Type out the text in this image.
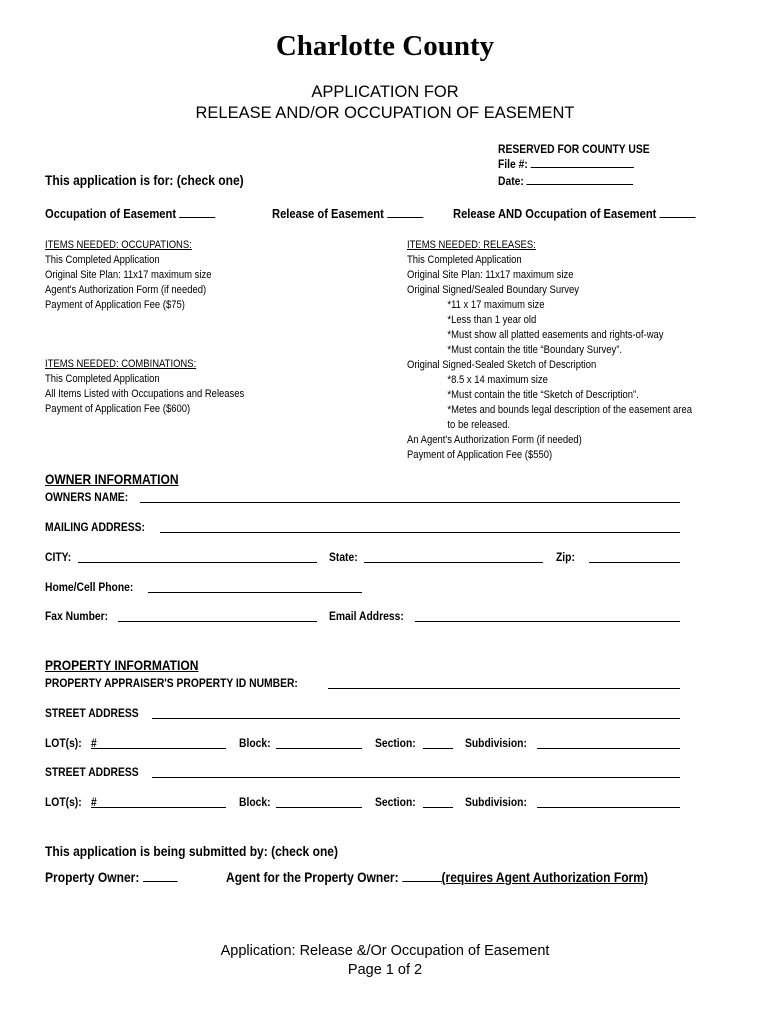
Charlotte County
APPLICATION FOR
RELEASE AND/OR OCCUPATION OF EASEMENT
RESERVED FOR COUNTY USE
File #:
Date:
This application is for: (check one)
Occupation of Easement	Release of Easement	Release AND Occupation of Easement
ITEMS NEEDED: OCCUPATIONS:
This Completed Application
Original Site Plan: 11x17 maximum size
Agent's Authorization Form (if needed)
Payment of Application Fee ($75)
ITEMS NEEDED: COMBINATIONS:
This Completed Application
All Items Listed with Occupations and Releases
Payment of Application Fee ($600)
ITEMS NEEDED: RELEASES:
This Completed Application
Original Site Plan: 11x17 maximum size
Original Signed/Sealed Boundary Survey
*11 x 17 maximum size
*Less than 1 year old
*Must show all platted easements and rights-of-way
*Must contain the title “Boundary Survey”.
Original Signed-Sealed Sketch of Description
*8.5 x 14 maximum size
*Must contain the title “Sketch of Description”.
*Metes and bounds legal description of the easement area
to be released.
An Agent's Authorization Form (if needed)
Payment of Application Fee ($550)
OWNER INFORMATION
OWNERS NAME:
MAILING ADDRESS:
CITY:	State:	Zip:
Home/Cell Phone:
Fax Number:	Email Address:
PROPERTY INFORMATION
PROPERTY APPRAISER'S PROPERTY ID NUMBER:
STREET ADDRESS
LOT(s): #	Block:	Section:	Subdivision:
STREET ADDRESS
LOT(s): #	Block:	Section:	Subdivision:
This application is being submitted by: (check one)
Property Owner:	Agent for the Property Owner:	(requires Agent Authorization Form)
Application: Release &/Or Occupation of Easement
Page 1 of 2
